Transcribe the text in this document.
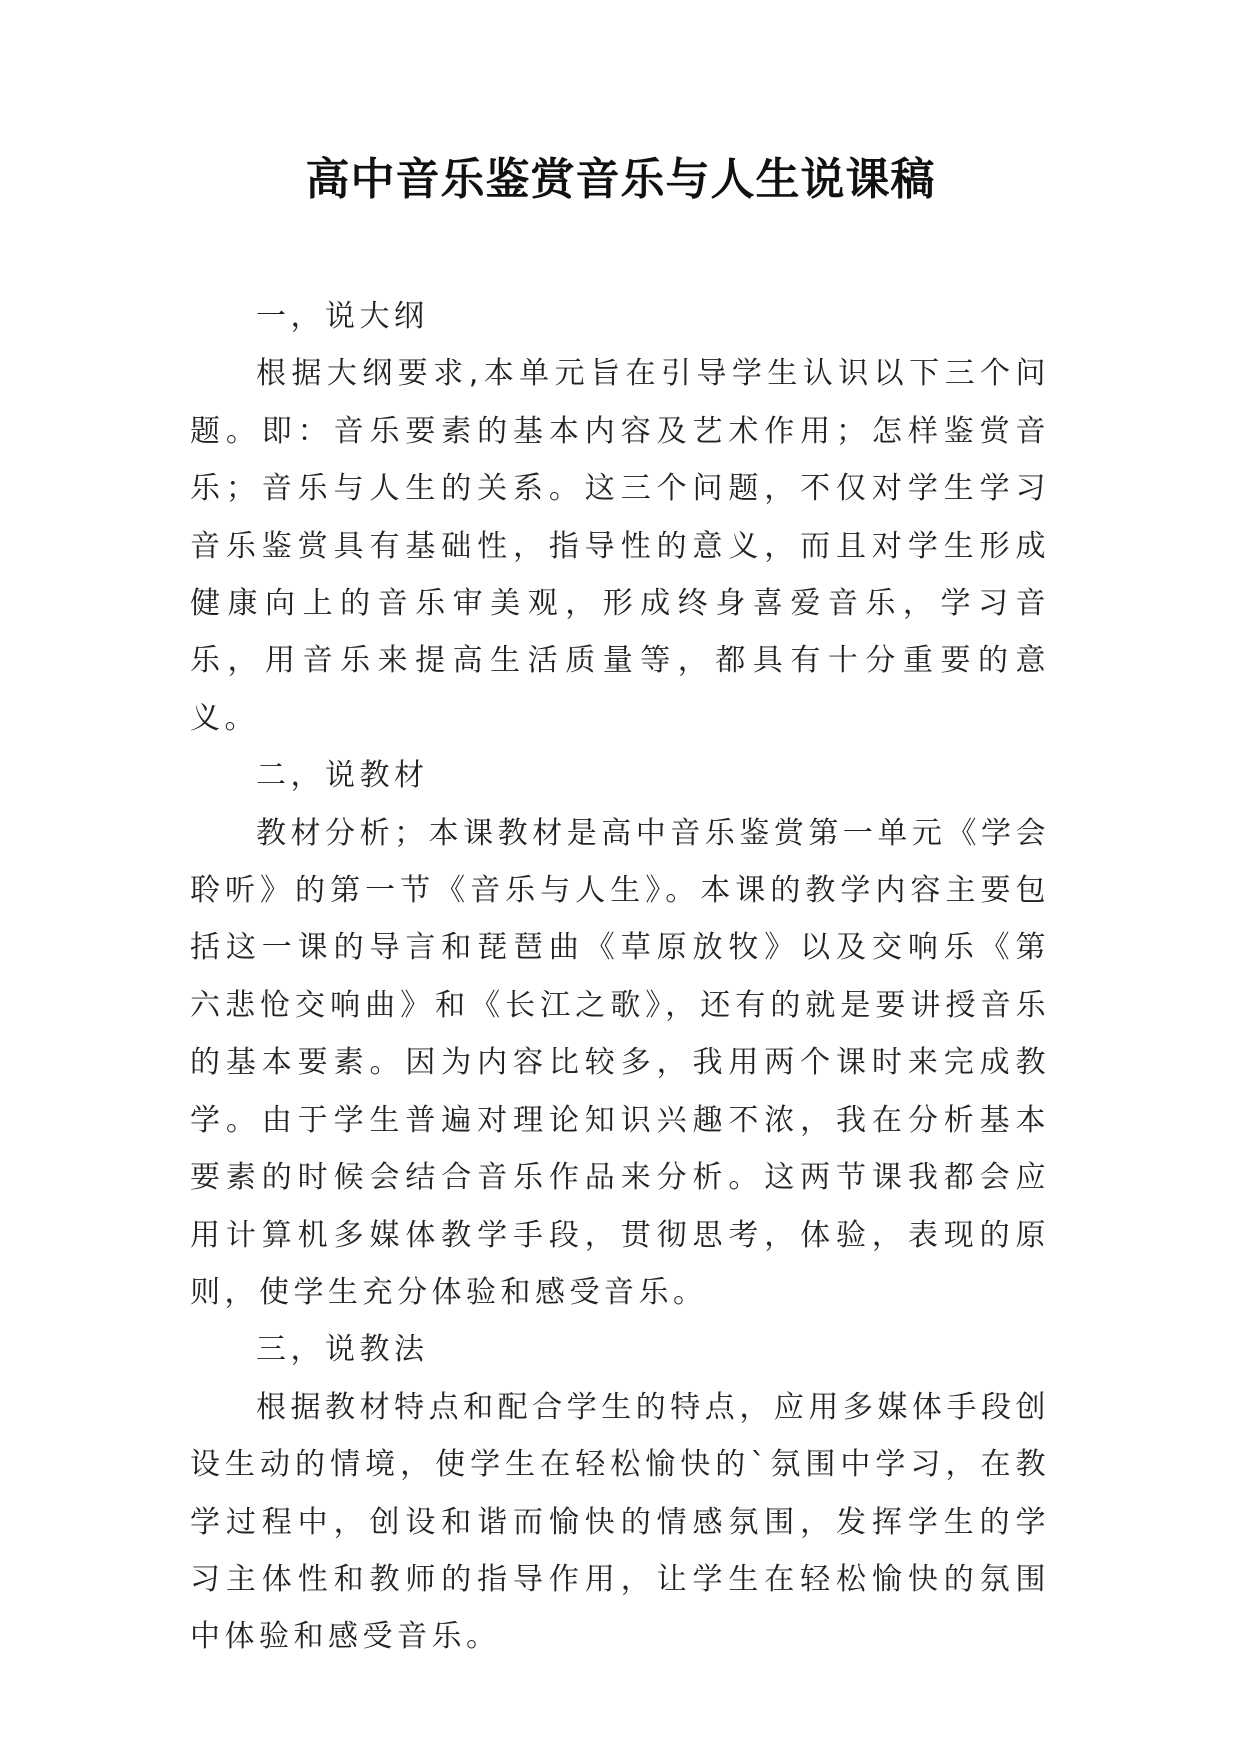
高中音乐鉴赏音乐与人生说课稿

一，说大纲

根据大纲要求,本单元旨在引导学生认识以下三个问题。即：音乐要素的基本内容及艺术作用；怎样鉴赏音乐；音乐与人生的关系。这三个问题，不仅对学生学习音乐鉴赏具有基础性，指导性的意义，而且对学生形成健康向上的音乐审美观，形成终身喜爱音乐，学习音乐，用音乐来提高生活质量等，都具有十分重要的意义。

二，说教材

教材分析；本课教材是高中音乐鉴赏第一单元《学会聆听》的第一节《音乐与人生》。本课的教学内容主要包括这一课的导言和琵琶曲《草原放牧》以及交响乐《第六悲怆交响曲》和《长江之歌》，还有的就是要讲授音乐的基本要素。因为内容比较多，我用两个课时来完成教学。由于学生普遍对理论知识兴趣不浓，我在分析基本要素的时候会结合音乐作品来分析。这两节课我都会应用计算机多媒体教学手段，贯彻思考，体验，表现的原则，使学生充分体验和感受音乐。

三，说教法

根据教材特点和配合学生的特点，应用多媒体手段创设生动的情境，使学生在轻松愉快的`氛围中学习，在教学过程中，创设和谐而愉快的情感氛围，发挥学生的学习主体性和教师的指导作用，让学生在轻松愉快的氛围中体验和感受音乐。
